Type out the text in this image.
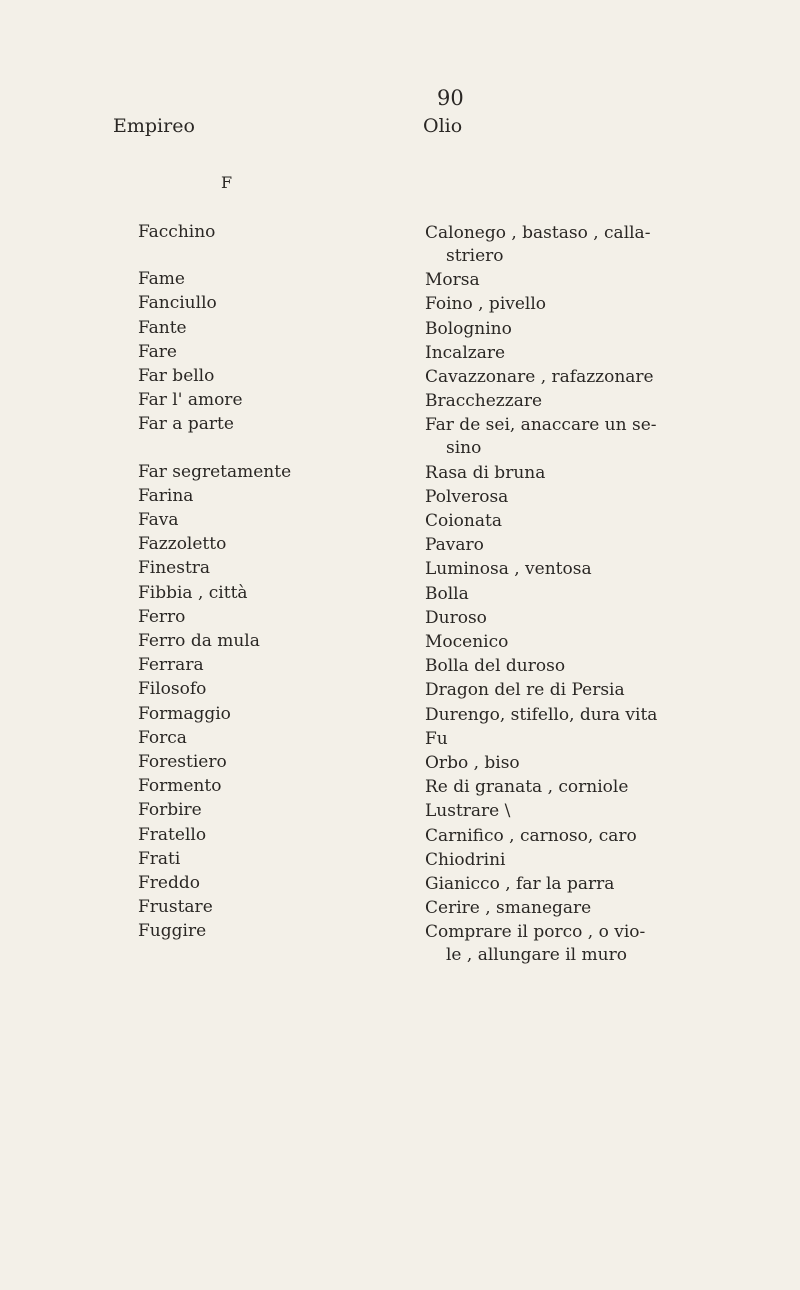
90
Empireo	Olio
F
Facchino	Calonego , bastaso , calla-
striero
Fame	Morsa
Fanciullo	Foino , pivello
Fante	Bolognino
Fare	Incalzare
Far bello	Cavazzonare , rafazzonare
Far l' amore	Bracchezzare
Far a parte	Far de sei, anaccare un se-
sino
Far segretamente	Rasa di bruna
Farina	Polverosa
Fava	Coionata
Fazzoletto	Pavaro
Finestra	Luminosa , ventosa
Fibbia , città	Bolla
Ferro	Duroso
Ferro da mula	Mocenico
Ferrara	Bolla del duroso
Filosofo	Dragon del re di Persia
Formaggio	Durengo, stifello, dura vita
Forca	Fu
Forestiero	Orbo , biso
Formento	Re di granata , corniole
Forbire	Lustrare \
Fratello	Carnifico , carnoso, caro
Frati	Chiodrini
Freddo	Gianicco , far la parra
Frustare	Cerire , smanegare
Fuggire	Comprare il porco , o vio-
le , allungare il muro
